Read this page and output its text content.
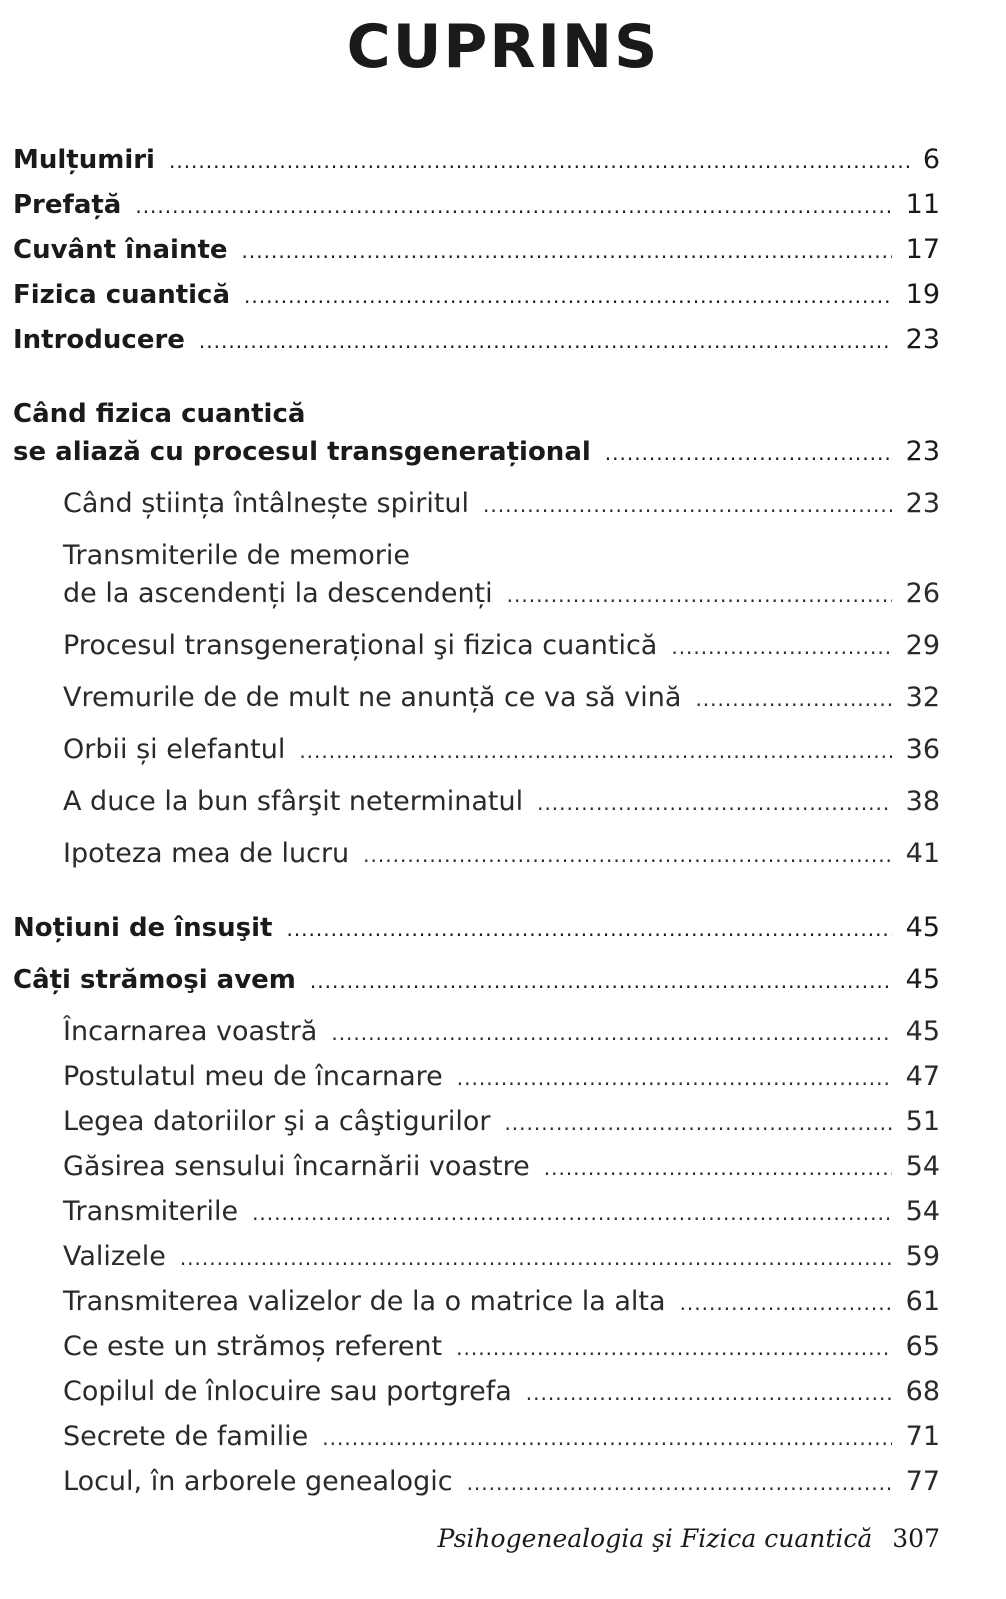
CUPRINS
Mulțumiri .....	6
Prefață .....	11
Cuvânt înainte .....	17
Fizica cuantică .....	19
Introducere .....	23
Când fizica cuantică
se aliază cu procesul transgenerațional .....	23
Când știința întâlnește spiritul .....	23
Transmiterile de memorie
de la ascendenți la descendenți .....	26
Procesul transgenerațional şi fizica cuantică .....	29
Vremurile de de mult ne anunță ce va să vină .....	32
Orbii și elefantul .....	36
A duce la bun sfârşit neterminatul .....	38
Ipoteza mea de lucru .....	41
Noțiuni de însuşit .....	45
Câți strămoşi avem .....	45
Încarnarea voastră .....	45
Postulatul meu de încarnare .....	47
Legea datoriilor şi a câştigurilor .....	51
Găsirea sensului încarnării voastre .....	54
Transmiterile .....	54
Valizele .....	59
Transmiterea valizelor de la o matrice la alta .....	61
Ce este un strămoș referent .....	65
Copilul de înlocuire sau portgrefa .....	68
Secrete de familie .....	71
Locul, în arborele genealogic .....	77
Psihogenealogia şi Fizica cuantică 307
